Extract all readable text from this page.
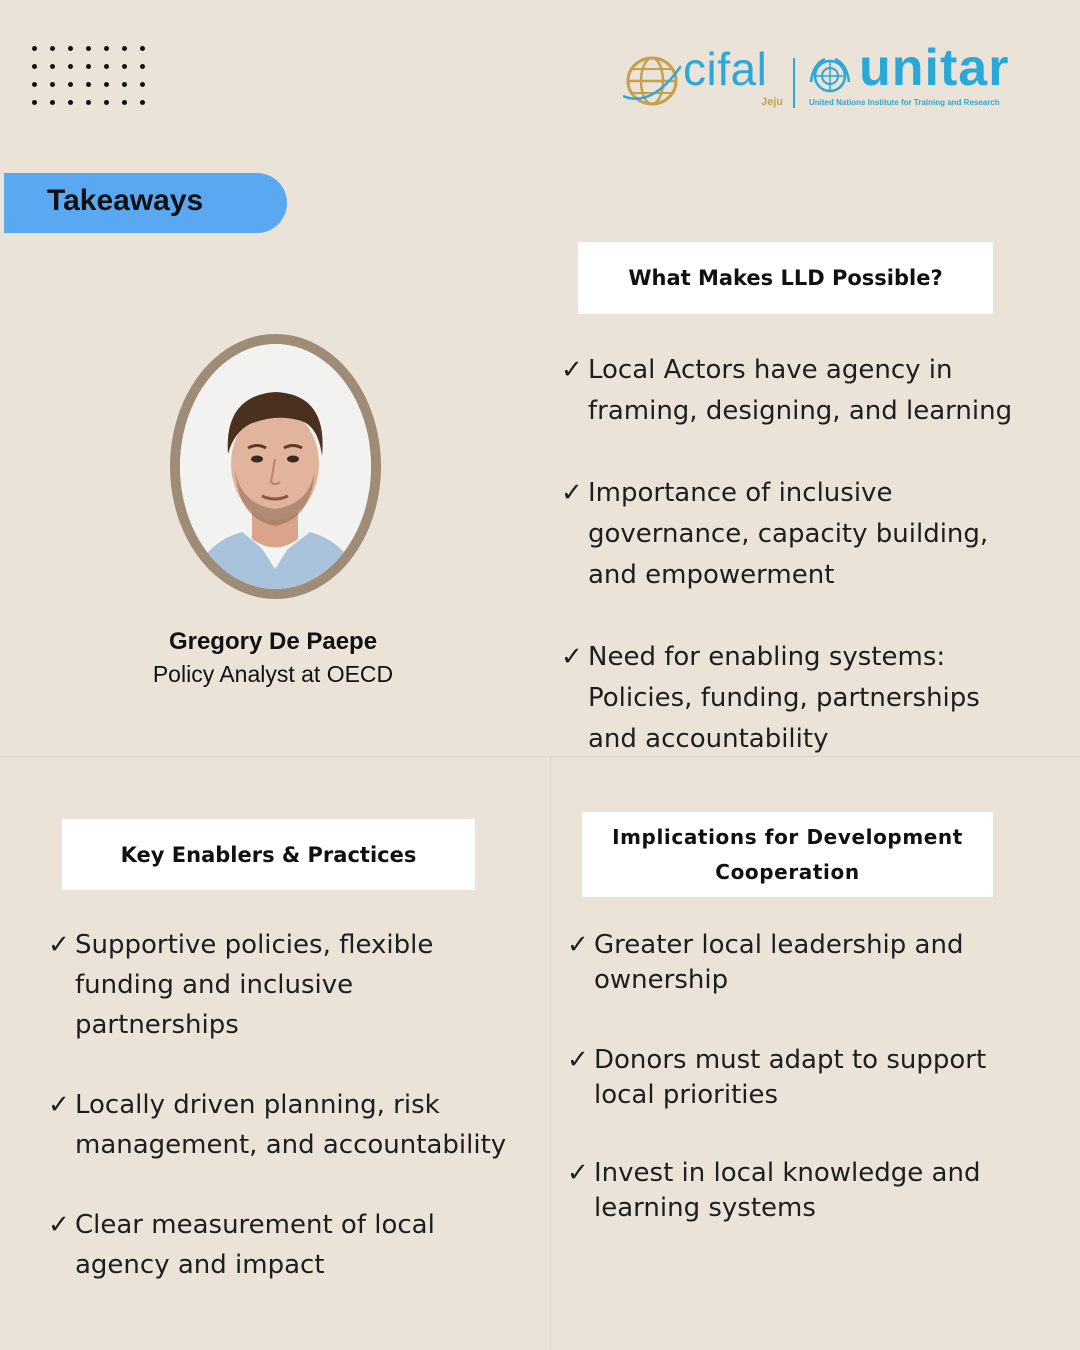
cifal
Jeju
unitar
United Nations Institute for Training and Research
Takeaways
Gregory De Paepe
Policy Analyst at OECD
What Makes LLD Possible?
✓ Local Actors have agency in framing, designing, and learning
✓ Importance of inclusive governance, capacity building, and empowerment
✓ Need for enabling systems: Policies, funding, partnerships and accountability
Key Enablers & Practices
✓ Supportive policies, flexible funding and inclusive partnerships
✓ Locally driven planning, risk management, and accountability
✓ Clear measurement of local agency and impact
Implications for Development Cooperation
✓ Greater local leadership and ownership
✓ Donors must adapt to support local priorities
✓ Invest in local knowledge and learning systems
